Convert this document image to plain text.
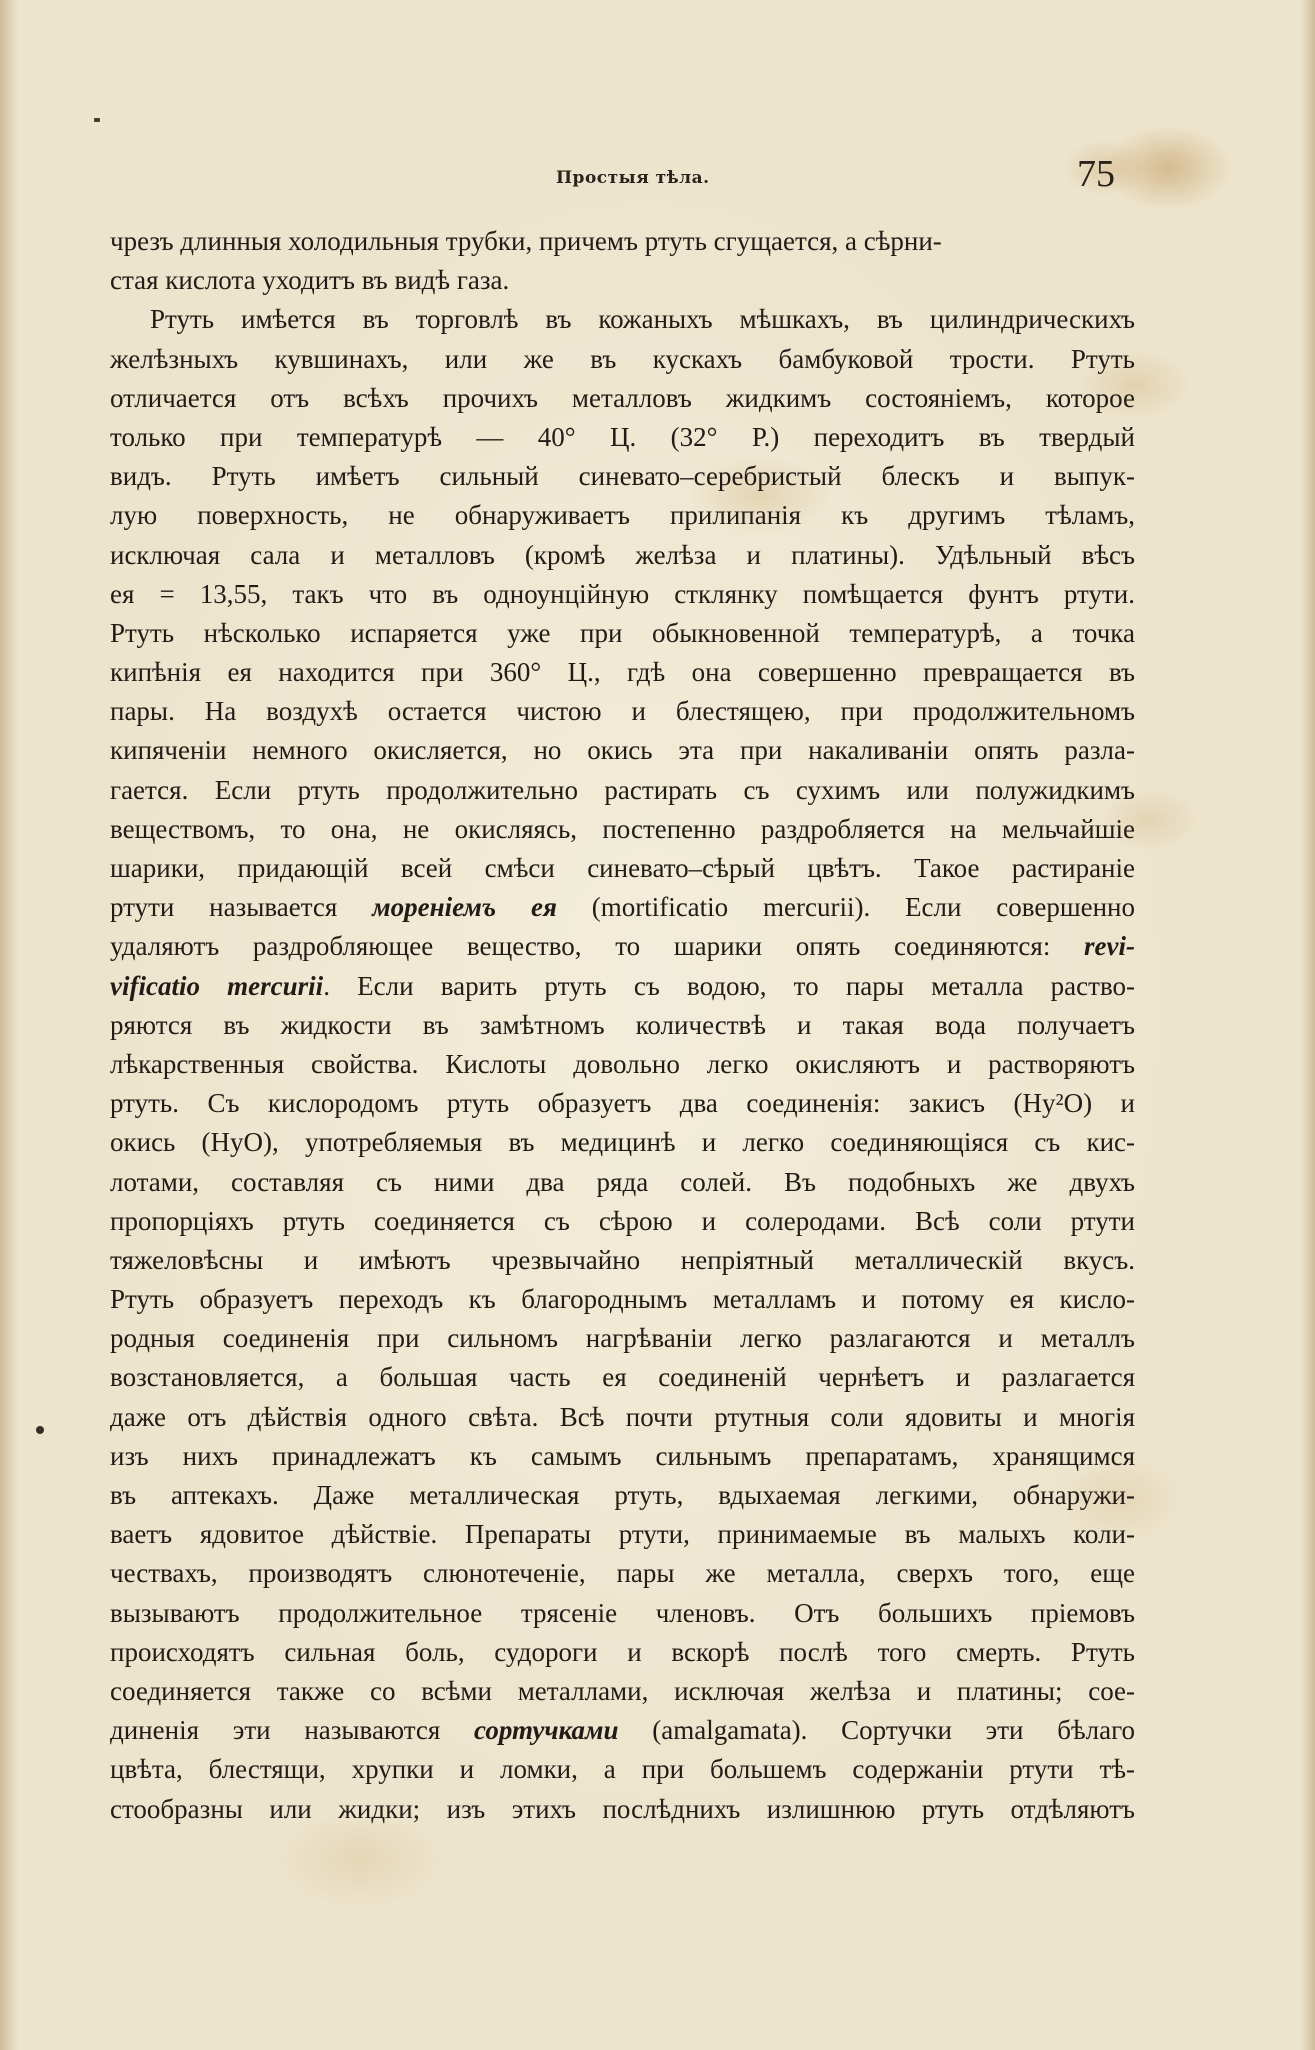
Простыя тѣла.	75
чрезъ длинныя холодильныя трубки, причемъ ртуть сгущается, а сѣрни-
стая кислота уходитъ въ видѣ газа.
Ртуть имѣется въ торговлѣ въ кожаныхъ мѣшкахъ, въ цилиндрическихъ
желѣзныхъ кувшинахъ, или же въ кускахъ бамбуковой трости. Ртуть
отличается отъ всѣхъ прочихъ металловъ жидкимъ состояніемъ, которое
только при температурѣ — 40° Ц. (32° Р.) переходитъ въ твердый
видъ. Ртуть имѣетъ сильный синевато–серебристый блескъ и выпук-
лую поверхность, не обнаруживаетъ прилипанія къ другимъ тѣламъ,
исключая сала и металловъ (кромѣ желѣза и платины). Удѣльный вѣсъ
ея = 13,55, такъ что въ одноунційную стклянку помѣщается фунтъ ртути.
Ртуть нѣсколько испаряется уже при обыкновенной температурѣ, а точка
кипѣнія ея находится при 360° Ц., гдѣ она совершенно превращается въ
пары. На воздухѣ остается чистою и блестящею, при продолжительномъ
кипяченіи немного окисляется, но окись эта при накаливаніи опять разла-
гается. Если ртуть продолжительно растирать съ сухимъ или полужидкимъ
веществомъ, то она, не окисляясь, постепенно раздробляется на мельчайшіе
шарики, придающій всей смѣси синевато–сѣрый цвѣтъ. Такое растираніе
ртути называется мореніемъ ея (mortificatio mercurii). Если совершенно
удаляютъ раздробляющее вещество, то шарики опять соединяются: revi-
vificatio mercurii. Если варить ртуть съ водою, то пары металла раство-
ряются въ жидкости въ замѣтномъ количествѣ и такая вода получаетъ
лѣкарственныя свойства. Кислоты довольно легко окисляютъ и растворяютъ
ртуть. Съ кислородомъ ртуть образуетъ два соединенія: закисъ (Hy²O) и
окись (HyO), употребляемыя въ медицинѣ и легко соединяющіяся съ кис-
лотами, составляя съ ними два ряда солей. Въ подобныхъ же двухъ
пропорціяхъ ртуть соединяется съ сѣрою и солеродами. Всѣ соли ртути
тяжеловѣсны и имѣютъ чрезвычайно непріятный металлическій вкусъ.
Ртуть образуетъ переходъ къ благороднымъ металламъ и потому ея кисло-
родныя соединенія при сильномъ нагрѣваніи легко разлагаются и металлъ
возстановляется, а большая часть ея соединеній чернѣетъ и разлагается
даже отъ дѣйствія одного свѣта. Всѣ почти ртутныя соли ядовиты и многія
изъ нихъ принадлежатъ къ самымъ сильнымъ препаратамъ, хранящимся
въ аптекахъ. Даже металлическая ртуть, вдыхаемая легкими, обнаружи-
ваетъ ядовитое дѣйствіе. Препараты ртути, принимаемые въ малыхъ коли-
чествахъ, производятъ слюнотеченіе, пары же металла, сверхъ того, еще
вызываютъ продолжительное трясеніе членовъ. Отъ большихъ пріемовъ
происходятъ сильная боль, судороги и вскорѣ послѣ того смерть. Ртуть
соединяется также со всѣми металлами, исключая желѣза и платины; сое-
диненія эти называются сортучками (amalgamata). Сортучки эти бѣлаго
цвѣта, блестящи, хрупки и ломки, а при большемъ содержаніи ртути тѣ-
стообразны или жидки; изъ этихъ послѣднихъ излишнюю ртуть отдѣляютъ
